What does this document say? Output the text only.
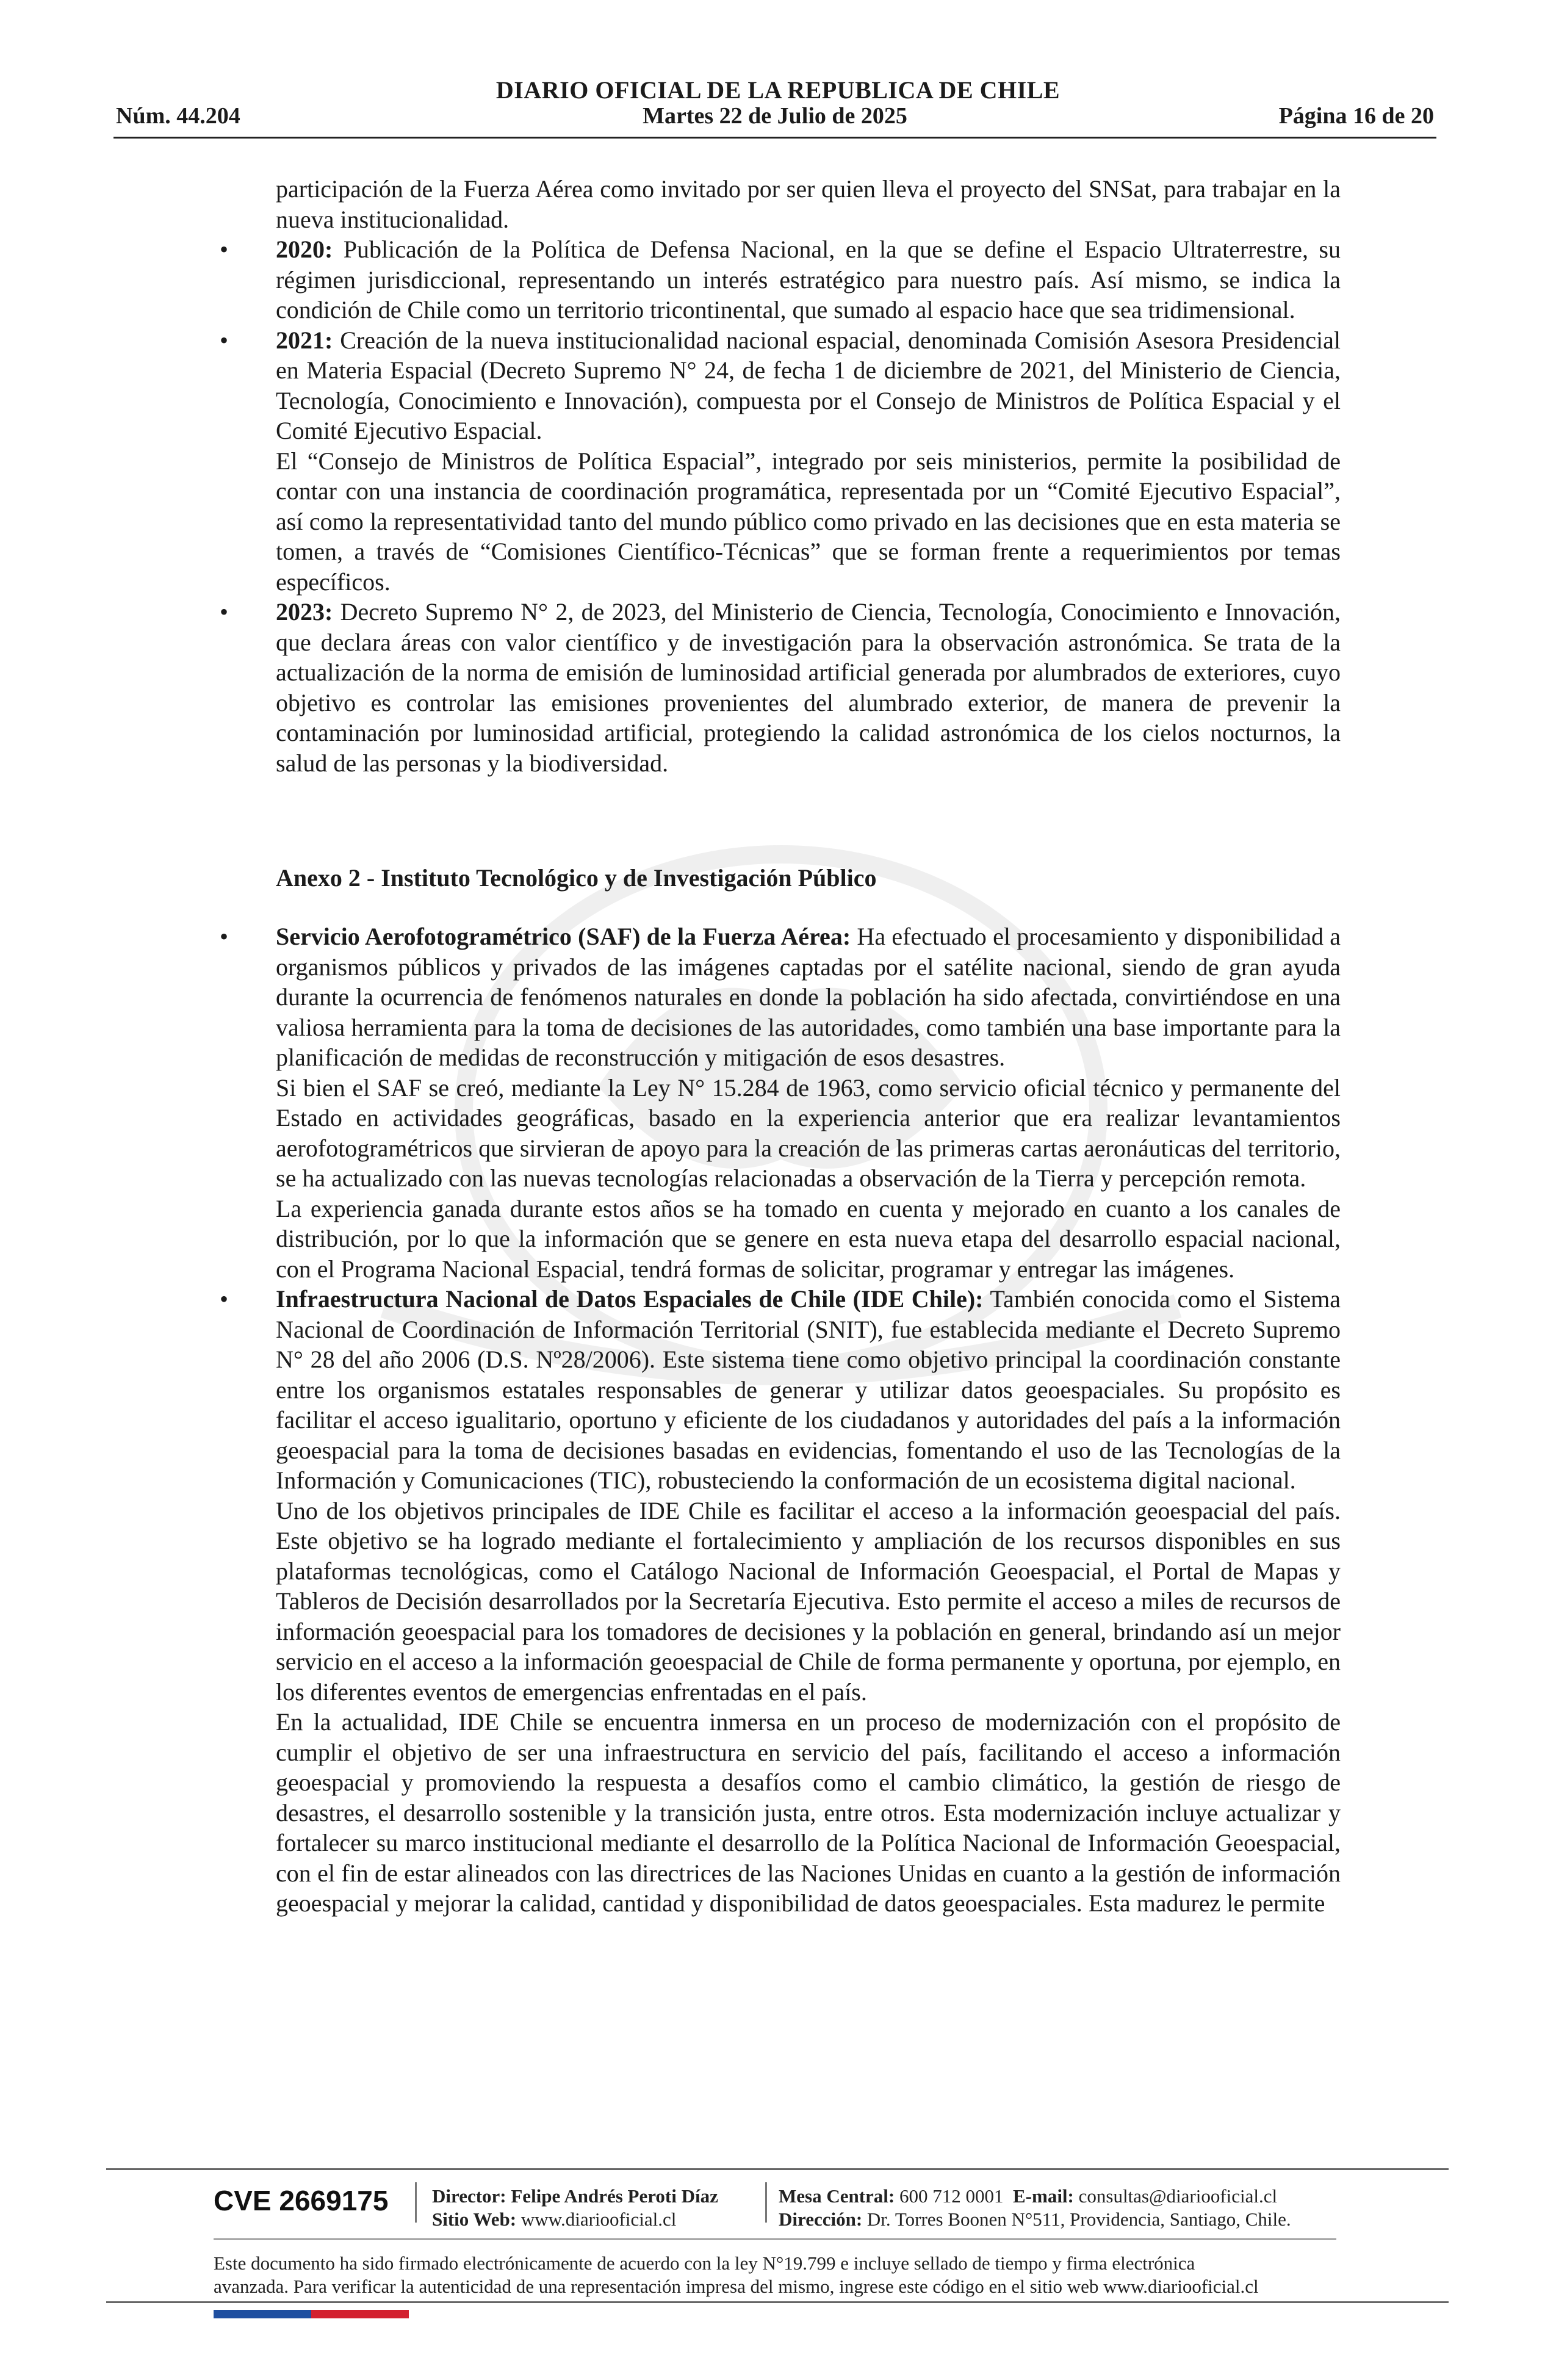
DIARIO OFICIAL DE LA REPUBLICA DE CHILE
Núm. 44.204	Martes 22 de Julio de 2025	Página 16 de 20

participación de la Fuerza Aérea como invitado por ser quien lleva el proyecto del SNSat, para trabajar en la nueva institucionalidad.

• 2020: Publicación de la Política de Defensa Nacional, en la que se define el Espacio Ultraterrestre, su régimen jurisdiccional, representando un interés estratégico para nuestro país. Así mismo, se indica la condición de Chile como un territorio tricontinental, que sumado al espacio hace que sea tridimensional.

• 2021: Creación de la nueva institucionalidad nacional espacial, denominada Comisión Asesora Presidencial en Materia Espacial (Decreto Supremo N° 24, de fecha 1 de diciembre de 2021, del Ministerio de Ciencia, Tecnología, Conocimiento e Innovación), compuesta por el Consejo de Ministros de Política Espacial y el Comité Ejecutivo Espacial.

El “Consejo de Ministros de Política Espacial”, integrado por seis ministerios, permite la posibilidad de contar con una instancia de coordinación programática, representada por un “Comité Ejecutivo Espacial”, así como la representatividad tanto del mundo público como privado en las decisiones que en esta materia se tomen, a través de “Comisiones Científico-Técnicas” que se forman frente a requerimientos por temas específicos.

• 2023: Decreto Supremo N° 2, de 2023, del Ministerio de Ciencia, Tecnología, Conocimiento e Innovación, que declara áreas con valor científico y de investigación para la observación astronómica. Se trata de la actualización de la norma de emisión de luminosidad artificial generada por alumbrados de exteriores, cuyo objetivo es controlar las emisiones provenientes del alumbrado exterior, de manera de prevenir la contaminación por luminosidad artificial, protegiendo la calidad astronómica de los cielos nocturnos, la salud de las personas y la biodiversidad.

Anexo 2 - Instituto Tecnológico y de Investigación Público
• Servicio Aerofotogramétrico (SAF) de la Fuerza Aérea: Ha efectuado el procesamiento y disponibilidad a organismos públicos y privados de las imágenes captadas por el satélite nacional, siendo de gran ayuda durante la ocurrencia de fenómenos naturales en donde la población ha sido afectada, convirtiéndose en una valiosa herramienta para la toma de decisiones de las autoridades, como también una base importante para la planificación de medidas de reconstrucción y mitigación de esos desastres.

Si bien el SAF se creó, mediante la Ley N° 15.284 de 1963, como servicio oficial técnico y permanente del Estado en actividades geográficas, basado en la experiencia anterior que era realizar levantamientos aerofotogramétricos que sirvieran de apoyo para la creación de las primeras cartas aeronáuticas del territorio, se ha actualizado con las nuevas tecnologías relacionadas a observación de la Tierra y percepción remota.

La experiencia ganada durante estos años se ha tomado en cuenta y mejorado en cuanto a los canales de distribución, por lo que la información que se genere en esta nueva etapa del desarrollo espacial nacional, con el Programa Nacional Espacial, tendrá formas de solicitar, programar y entregar las imágenes.

• Infraestructura Nacional de Datos Espaciales de Chile (IDE Chile): También conocida como el Sistema Nacional de Coordinación de Información Territorial (SNIT), fue establecida mediante el Decreto Supremo N° 28 del año 2006 (D.S. Nº28/2006). Este sistema tiene como objetivo principal la coordinación constante entre los organismos estatales responsables de generar y utilizar datos geoespaciales. Su propósito es facilitar el acceso igualitario, oportuno y eficiente de los ciudadanos y autoridades del país a la información geoespacial para la toma de decisiones basadas en evidencias, fomentando el uso de las Tecnologías de la Información y Comunicaciones (TIC), robusteciendo la conformación de un ecosistema digital nacional.

Uno de los objetivos principales de IDE Chile es facilitar el acceso a la información geoespacial del país. Este objetivo se ha logrado mediante el fortalecimiento y ampliación de los recursos disponibles en sus plataformas tecnológicas, como el Catálogo Nacional de Información Geoespacial, el Portal de Mapas y Tableros de Decisión desarrollados por la Secretaría Ejecutiva. Esto permite el acceso a miles de recursos de información geoespacial para los tomadores de decisiones y la población en general, brindando así un mejor servicio en el acceso a la información geoespacial de Chile de forma permanente y oportuna, por ejemplo, en los diferentes eventos de emergencias enfrentadas en el país.

En la actualidad, IDE Chile se encuentra inmersa en un proceso de modernización con el propósito de cumplir el objetivo de ser una infraestructura en servicio del país, facilitando el acceso a información geoespacial y promoviendo la respuesta a desafíos como el cambio climático, la gestión de riesgo de desastres, el desarrollo sostenible y la transición justa, entre otros. Esta modernización incluye actualizar y fortalecer su marco institucional mediante el desarrollo de la Política Nacional de Información Geoespacial, con el fin de estar alineados con las directrices de las Naciones Unidas en cuanto a la gestión de información geoespacial y mejorar la calidad, cantidad y disponibilidad de datos geoespaciales. Esta madurez le permite

CVE 2669175 Director: Felipe Andrés Peroti Díaz
Sitio Web: www.diariooficial.cl
Mesa Central: 600 712 0001 E-mail: consultas@diariooficial.cl
Dirección: Dr. Torres Boonen N°511, Providencia, Santiago, Chile.
Este documento ha sido firmado electrónicamente de acuerdo con la ley N°19.799 e incluye sellado de tiempo y firma electrónica
avanzada. Para verificar la autenticidad de una representación impresa del mismo, ingrese este código en el sitio web www.diariooficial.cl
